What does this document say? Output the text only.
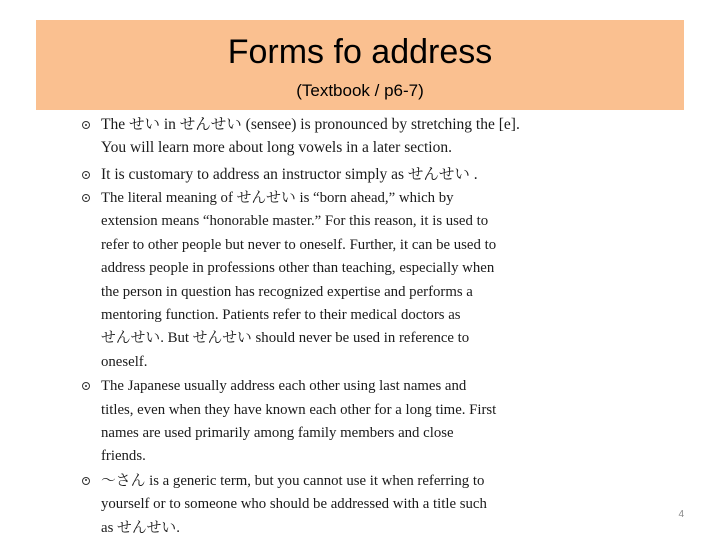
Forms fo address
(Textbook / p6-7)
The せい in せんせい (sensee) is pronounced by stretching the [e].
You will learn more about long vowels in a later section.
It is customary to address an instructor simply as せんせい .
The literal meaning of せんせい is “born ahead,” which by
extension means “honorable master.” For this reason, it is used to
refer to other people but never to oneself. Further, it can be used to
address people in professions other than teaching, especially when
the person in question has recognized expertise and performs a
mentoring function. Patients refer to their medical doctors as
せんせい. But せんせい should never be used in reference to
oneself.
The Japanese usually address each other using last names and
titles, even when they have known each other for a long time. First
names are used primarily among family members and close
friends.
～さん is a generic term, but you cannot use it when referring to
yourself or to someone who should be addressed with a title such
as せんせい.
4
